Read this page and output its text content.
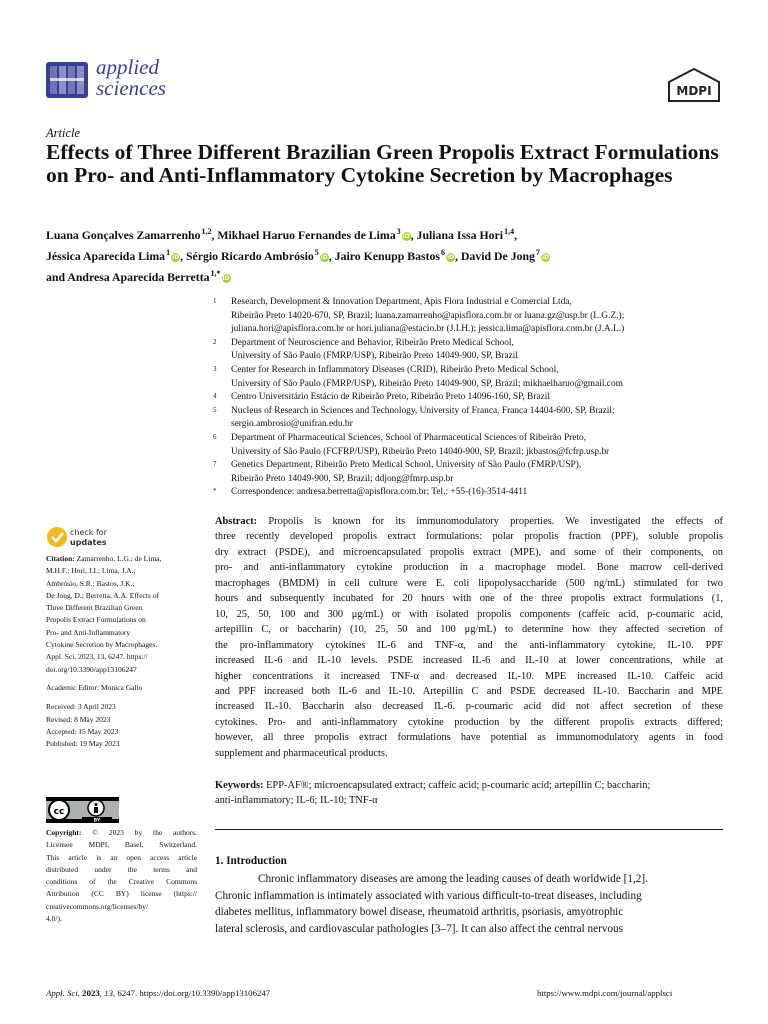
applied
sciences	MDPI
Article
Effects of Three Different Brazilian Green Propolis Extract Formulations on Pro- and Anti-Inflammatory Cytokine Secretion by Macrophages
Luana Gonçalves Zamarrenho$^{1,2}$, Mikhael Haruo Fernandes de Lima$^3$iD, Juliana Issa Hori$^{1,4}$,
Jéssica Aparecida Lima$^1$iD, Sérgio Ricardo Ambrósio$^5$iD, Jairo Kenupp Bastos$^6$iD, David De Jong$^7$iD
and Andresa Aparecida Berretta$^{1,*}$iD
1	Research, Development & Innovation Department, Apis Flora Industrial e Comercial Ltda,
Ribeirão Preto 14020-670, SP, Brazil; luana.zamarrenho@apisflora.com.br or luana.gz@usp.br (L.G.Z.);
juliana.hori@apisflora.com.br or hori.juliana@estacio.br (J.I.H.); jessica.lima@apisflora.com.br (J.A.L.)
2	Department of Neuroscience and Behavior, Ribeirão Preto Medical School,
University of São Paulo (FMRP/USP), Ribeirão Preto 14049-900, SP, Brazil
3	Center for Research in Inflammatory Diseases (CRID), Ribeirão Preto Medical School,
University of São Paulo (FMRP/USP), Ribeirão Preto 14049-900, SP, Brazil; mikhaelharuo@gmail.com
4	Centro Universitário Estácio de Ribeirão Preto, Ribeirão Preto 14096-160, SP, Brazil
5	Nucleus of Research in Sciences and Technology, University of Franca, Franca 14404-600, SP, Brazil;
sergio.ambrosio@unifran.edu.br
6	Department of Pharmaceutical Sciences, School of Pharmaceutical Sciences of Ribeirão Preto,
University of São Paulo (FCFRP/USP), Ribeirão Preto 14040-900, SP, Brazil; jkbastos@fcfrp.usp.br
7	Genetics Department, Ribeirão Preto Medical School, University of São Paulo (FMRP/USP),
Ribeirão Preto 14049-900, SP, Brazil; ddjong@fmrp.usp.br
*	Correspondence: andresa.berretta@apisflora.com.br; Tel.: +55-(16)-3514-4411
Abstract: Propolis is known for its immunomodulatory properties. We investigated the effects of
three recently developed propolis extract formulations: polar propolis fraction (PPF), soluble propolis
dry extract (PSDE), and microencapsulated propolis extract (MPE), and some of their components, on
pro- and anti-inflammatory cytokine production in a macrophage model. Bone marrow cell-derived
macrophages (BMDM) in cell culture were E. coli lipopolysaccharide (500 ng/mL) stimulated for two
hours and subsequently incubated for 20 hours with one of the three propolis extract formulations (1,
10, 25, 50, 100 and 300 μg/mL) or with isolated propolis components (caffeic acid, p-coumaric acid,
artepillin C, or baccharin) (10, 25, 50 and 100 μg/mL) to determine how they affected secretion of
the pro-inflammatory cytokines IL-6 and TNF-α, and the anti-inflammatory cytokine, IL-10. PPF
increased IL-6 and IL-10 levels. PSDE increased IL-6 and IL-10 at lower concentrations, while at
higher concentrations it increased TNF-α and decreased IL-10. MPE increased IL-10. Caffeic acid
and PPF increased both IL-6 and IL-10. Artepillin C and PSDE decreased IL-10. Baccharin and MPE
increased IL-10. Baccharin also decreased IL-6. p-coumaric acid did not affect secretion of these
cytokines. Pro- and anti-inflammatory cytokine production by the different propolis extracts differed;
however, all three propolis extract formulations have potential as immunomodulatory agents in food
supplement and pharmaceutical products.
Keywords: EPP-AF®; microencapsulated extract; caffeic acid; p-coumaric acid; artepillin C; baccharin;
anti-inflammatory; IL-6; IL-10; TNF-α
1. Introduction
Chronic inflammatory diseases are among the leading causes of death worldwide [1,2].
Chronic inflammation is intimately associated with various difficult-to-treat diseases, including
diabetes mellitus, inflammatory bowel disease, rheumatoid arthritis, psoriasis, amyotrophic
lateral sclerosis, and cardiovascular pathologies [3–7]. It can also affect the central nervous
check for
updates
Citation: Zamarrenho, L.G.; de Lima,
M.H.F.; Hori, J.I.; Lima, J.A.;
Ambrósio, S.R.; Bastos, J.K.;
De Jong, D.; Berretta, A.A. Effects of
Three Different Brazilian Green
Propolis Extract Formulations on
Pro- and Anti-Inflammatory
Cytokine Secretion by Macrophages.
Appl. Sci. 2023, 13, 6247. https://
doi.org/10.3390/app13106247
Academic Editor: Monica Gallo
Received: 3 April 2023
Revised: 8 May 2023
Accepted: 15 May 2023
Published: 19 May 2023
cc
BY
Copyright: © 2023 by the authors.
Licensee MDPI, Basel, Switzerland.
This article is an open access article
distributed under the terms and
conditions of the Creative Commons
Attribution (CC BY) license (https://
creativecommons.org/licenses/by/
4.0/).
Appl. Sci. 2023, 13, 6247. https://doi.org/10.3390/app13106247	https://www.mdpi.com/journal/applsci
